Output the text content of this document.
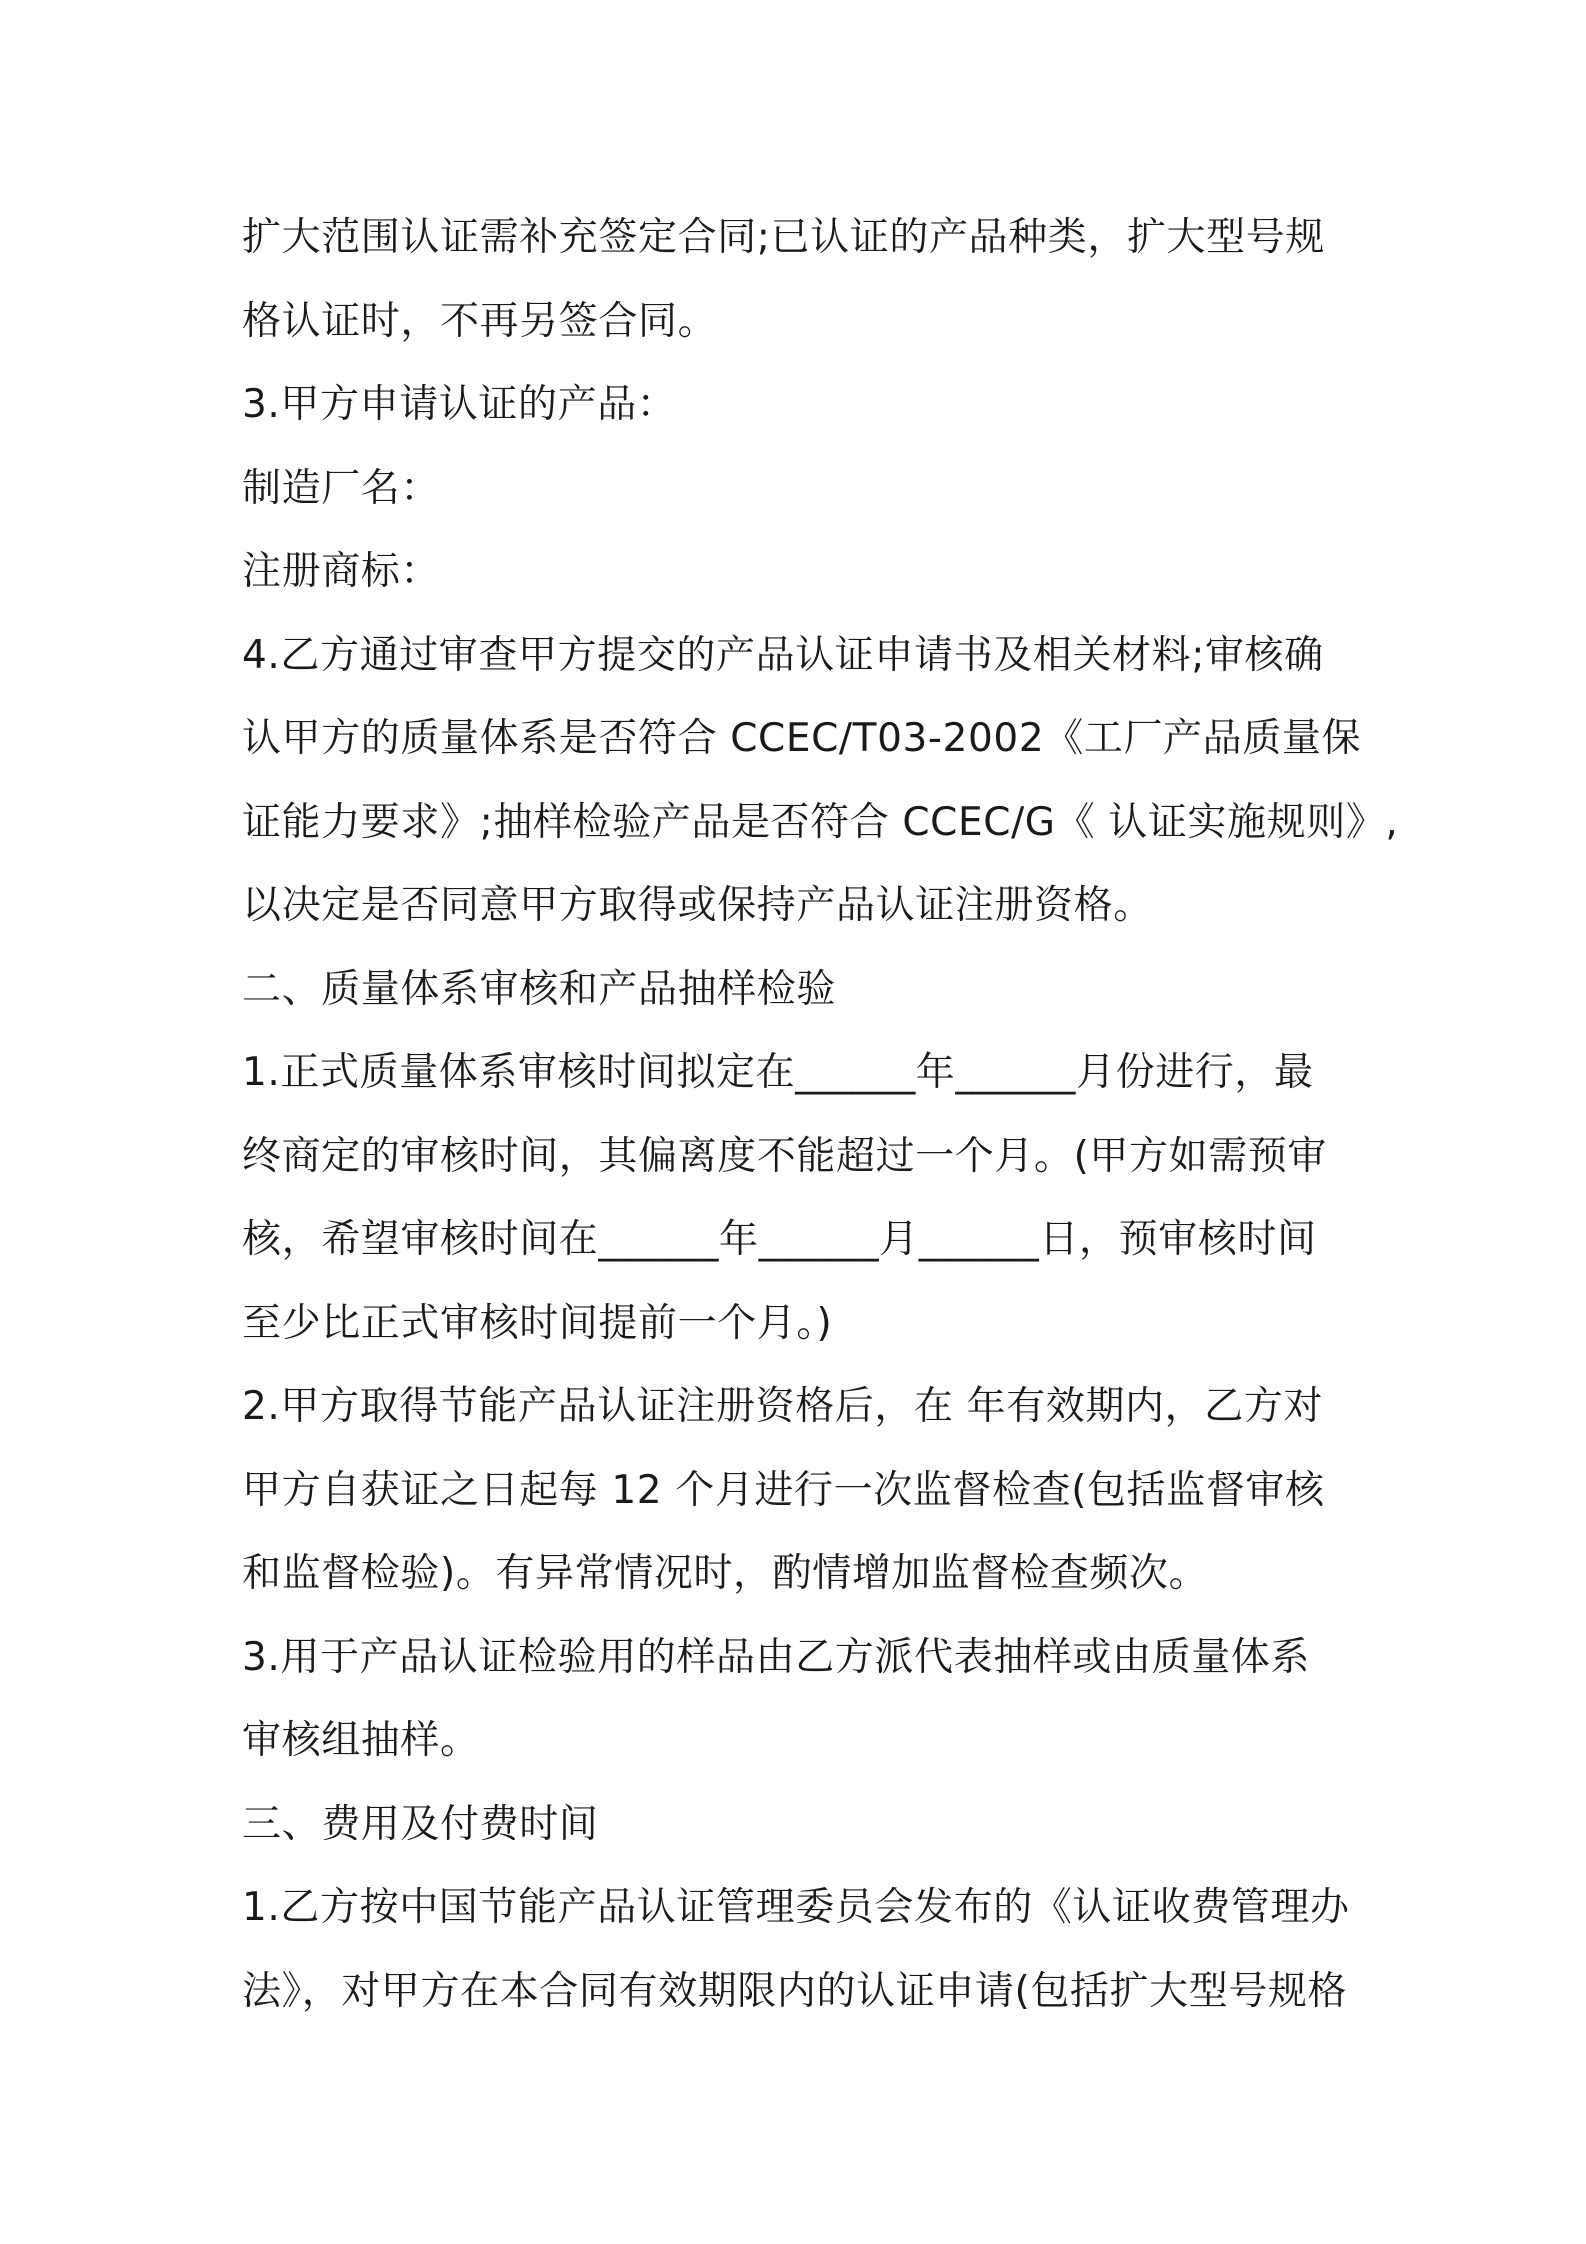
扩大范围认证需补充签定合同;已认证的产品种类，扩大型号规
格认证时，不再另签合同。
3.甲方申请认证的产品：
制造厂名：
注册商标：
4.乙方通过审查甲方提交的产品认证申请书及相关材料;审核确
认甲方的质量体系是否符合 CCEC/T03-2002《工厂产品质量保
证能力要求》;抽样检验产品是否符合 CCEC/G《 认证实施规则》,
以决定是否同意甲方取得或保持产品认证注册资格。
二、质量体系审核和产品抽样检验
1.正式质量体系审核时间拟定在______年______月份进行，最
终商定的审核时间，其偏离度不能超过一个月。(甲方如需预审
核，希望审核时间在______年______月______日，预审核时间
至少比正式审核时间提前一个月。)
2.甲方取得节能产品认证注册资格后，在 年有效期内，乙方对
甲方自获证之日起每 12 个月进行一次监督检查(包括监督审核
和监督检验)。有异常情况时，酌情增加监督检查频次。
3.用于产品认证检验用的样品由乙方派代表抽样或由质量体系
审核组抽样。
三、费用及付费时间
1.乙方按中国节能产品认证管理委员会发布的《认证收费管理办
法》，对甲方在本合同有效期限内的认证申请(包括扩大型号规格
